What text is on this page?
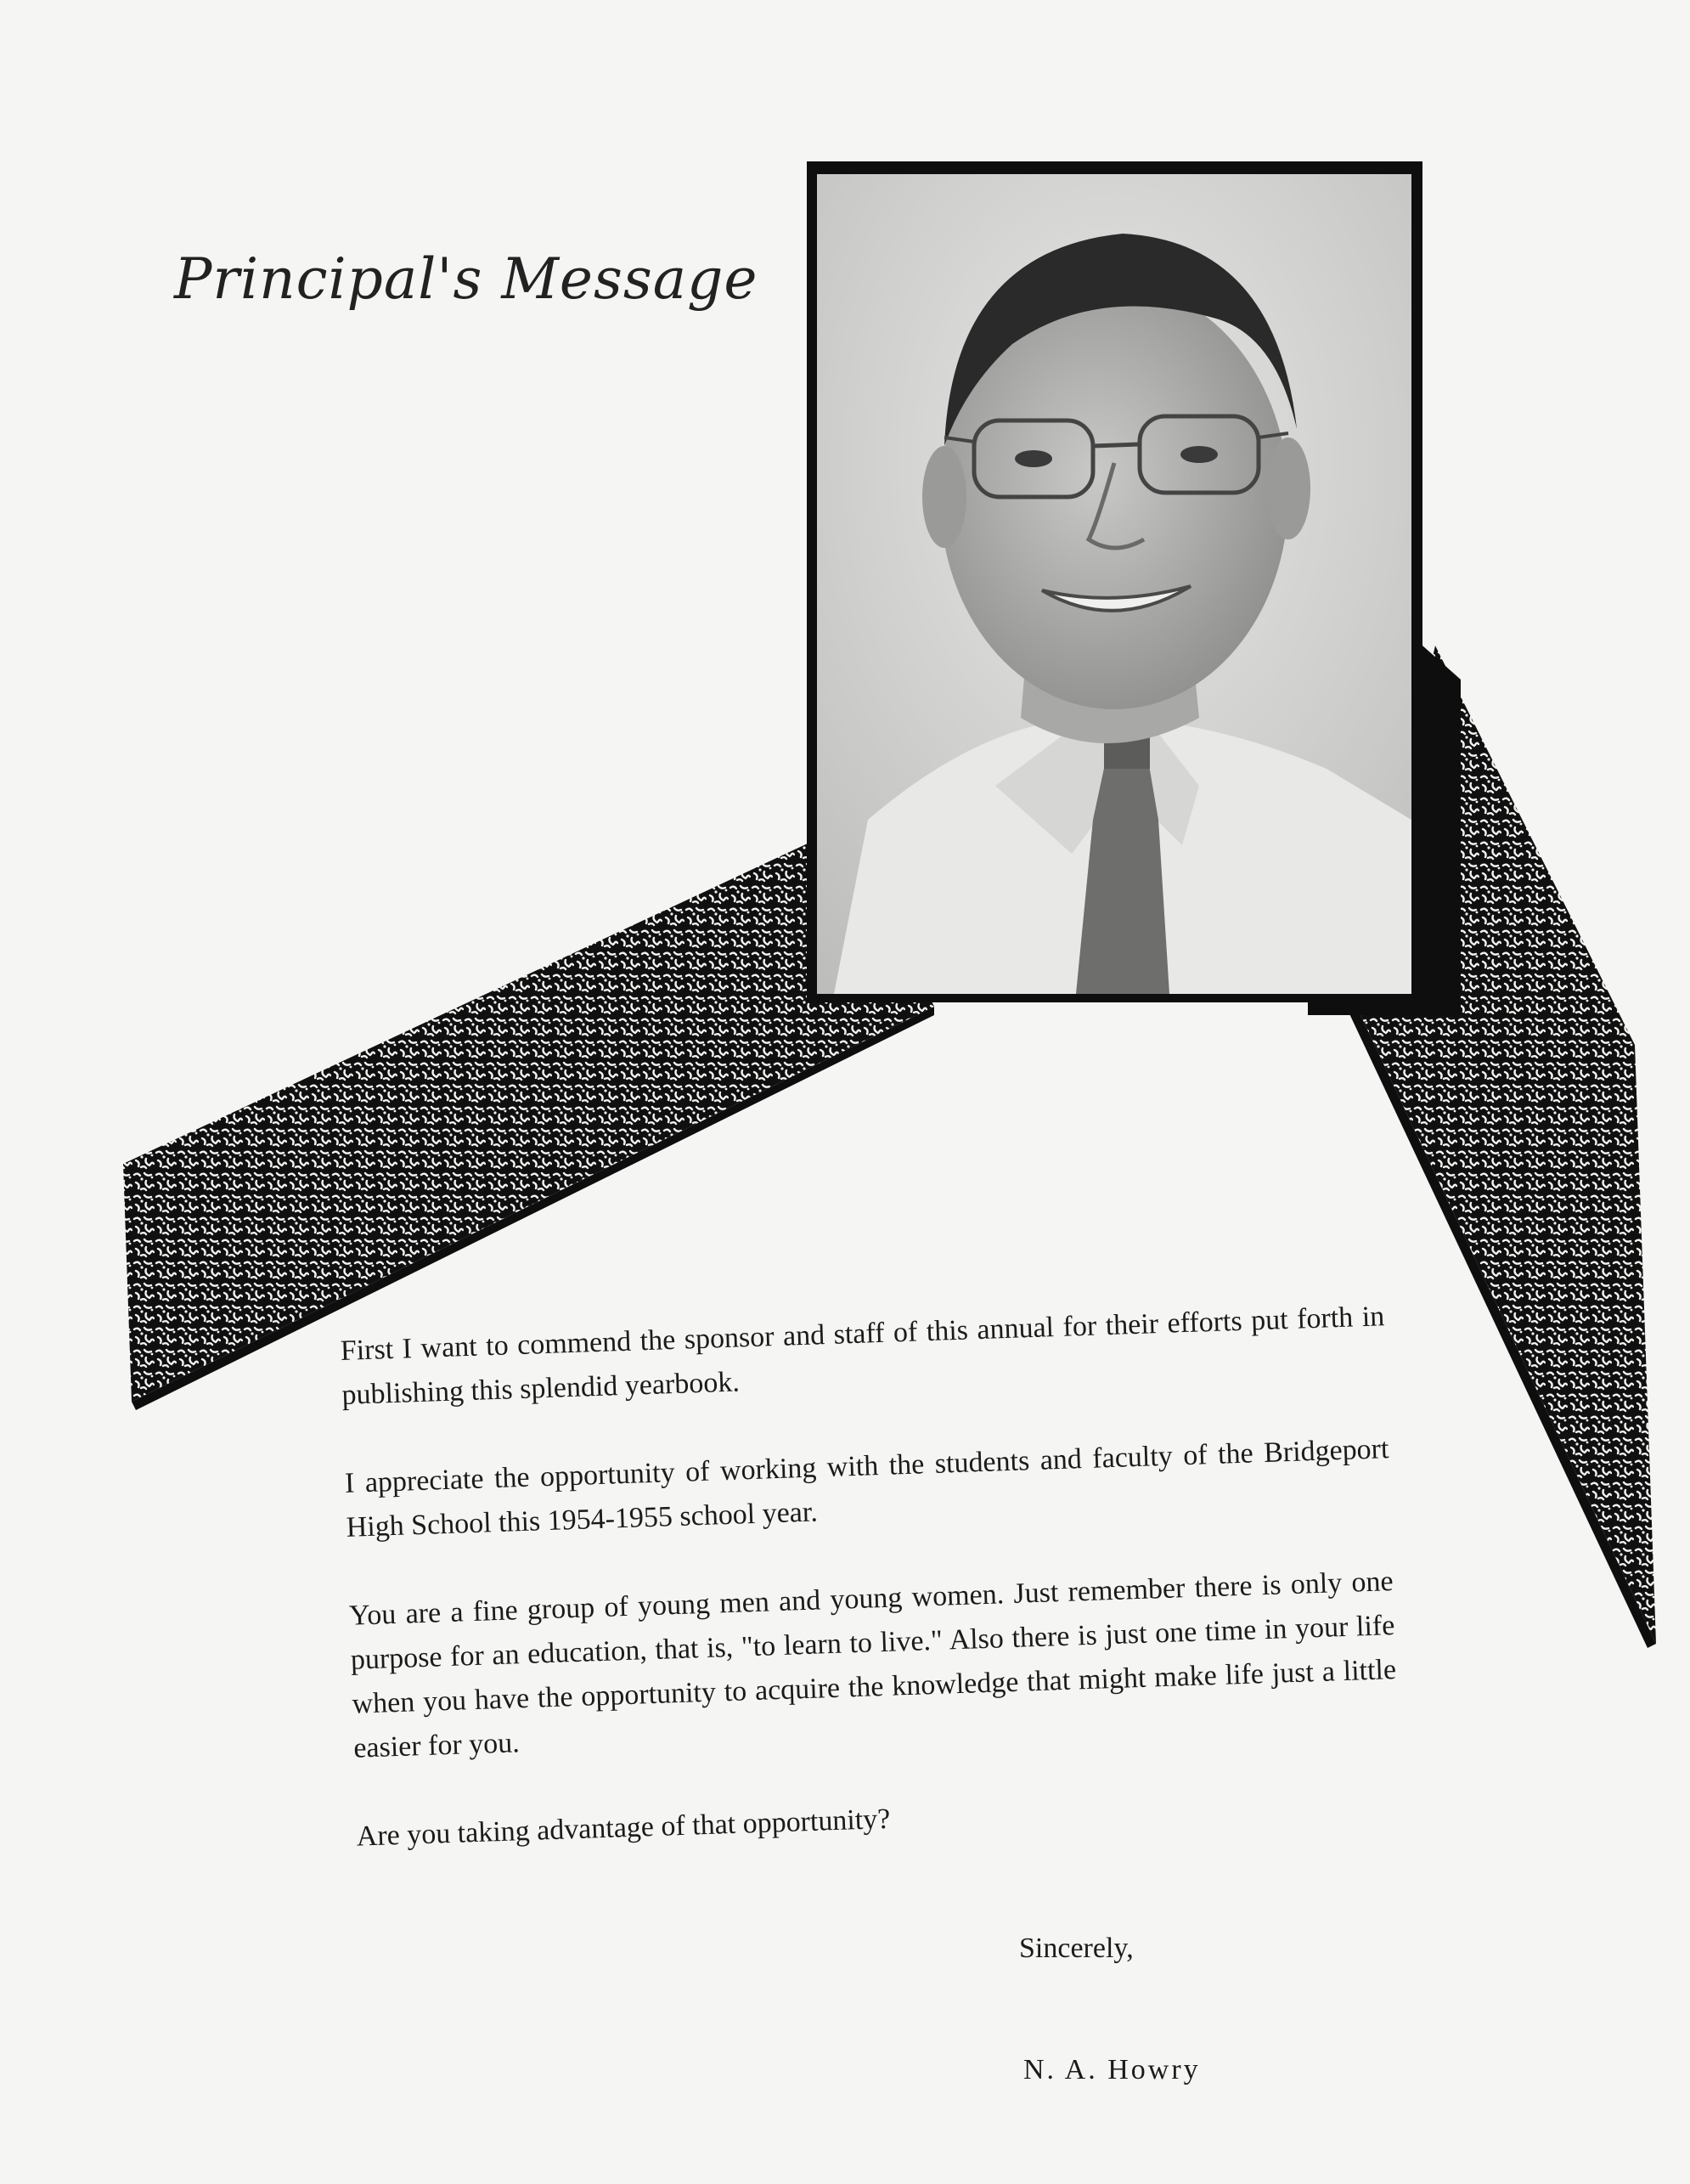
Principal's Message

First I want to commend the sponsor and staff of this annual for their efforts put forth in publishing this splendid yearbook.

I appreciate the opportunity of working with the students and faculty of the Bridgeport High School this 1954-1955 school year.

You are a fine group of young men and young women. Just remember there is only one purpose for an education, that is, "to learn to live." Also there is just one time in your life when you have the opportunity to acquire the knowledge that might make life just a little easier for you.

Are you taking advantage of that opportunity?

Sincerely,
N. A. Howry
